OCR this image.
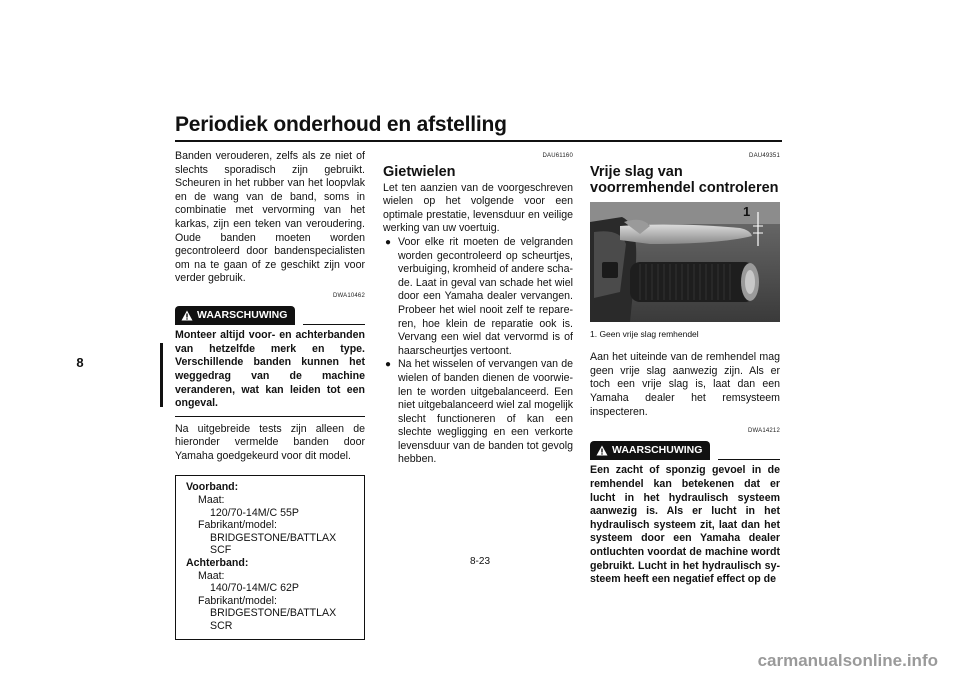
Periodiek onderhoud en afstelling
8

Banden verouderen, zelfs als ze niet of slechts sporadisch zijn gebruikt. Scheuren in het rubber van het loopvlak en de wang van de band, soms in combinatie met vervorming van het karkas, zijn een teken van veroudering. Oude banden moeten worden gecontroleerd door bandenspecialisten om na te gaan of ze geschikt zijn voor verder gebruik.

DWA10462
WAARSCHUWING
Monteer altijd voor- en achterbanden van hetzelfde merk en type. Verschillende banden kunnen het weggedrag van de machine veranderen, wat kan leiden tot een ongeval.

Na uitgebreide tests zijn alleen de hieronder vermelde banden door Yamaha goedgekeurd voor dit model.

Voorband:
Maat:
120/70-14M/C 55P
Fabrikant/model:
BRIDGESTONE/BATTLAX SCF
Achterband:
Maat:
140/70-14M/C 62P
Fabrikant/model:
BRIDGESTONE/BATTLAX SCR
DAU61160
Gietwielen

Let ten aanzien van de voorgeschreven wielen op het volgende voor een optimale prestatie, levensduur en veilige werking van uw voertuig.

● Voor elke rit moeten de velgranden worden gecontroleerd op scheurtjes, verbuiging, kromheid of andere schade. Laat in geval van schade het wiel door een Yamaha dealer vervangen. Probeer het wiel nooit zelf te repareren, hoe klein de reparatie ook is. Vervang een wiel dat vervormd is of haarscheurtjes vertoont.

● Na het wisselen of vervangen van de wielen of banden dienen de voorwielen te worden uitgebalanceerd. Een niet uitgebalanceerd wiel zal mogelijk slecht functioneren of kan een slechte wegligging en een verkorte levensduur van de banden tot gevolg hebben.

DAU49351
Vrije slag van voorremhendel controleren
1
1. Geen vrije slag remhendel

Aan het uiteinde van de remhendel mag geen vrije slag aanwezig zijn. Als er toch een vrije slag is, laat dan een Yamaha dealer het remsysteem inspecteren.

DWA14212
WAARSCHUWING

Een zacht of sponzig gevoel in de remhendel kan betekenen dat er lucht in het hydraulisch systeem aanwezig is. Als er lucht in het hydraulisch systeem zit, laat dan het systeem door een Yamaha dealer ontluchten voordat de machine wordt gebruikt. Lucht in het hydraulisch systeem heeft een negatief effect op de

8-23
carmanualsonline.info
